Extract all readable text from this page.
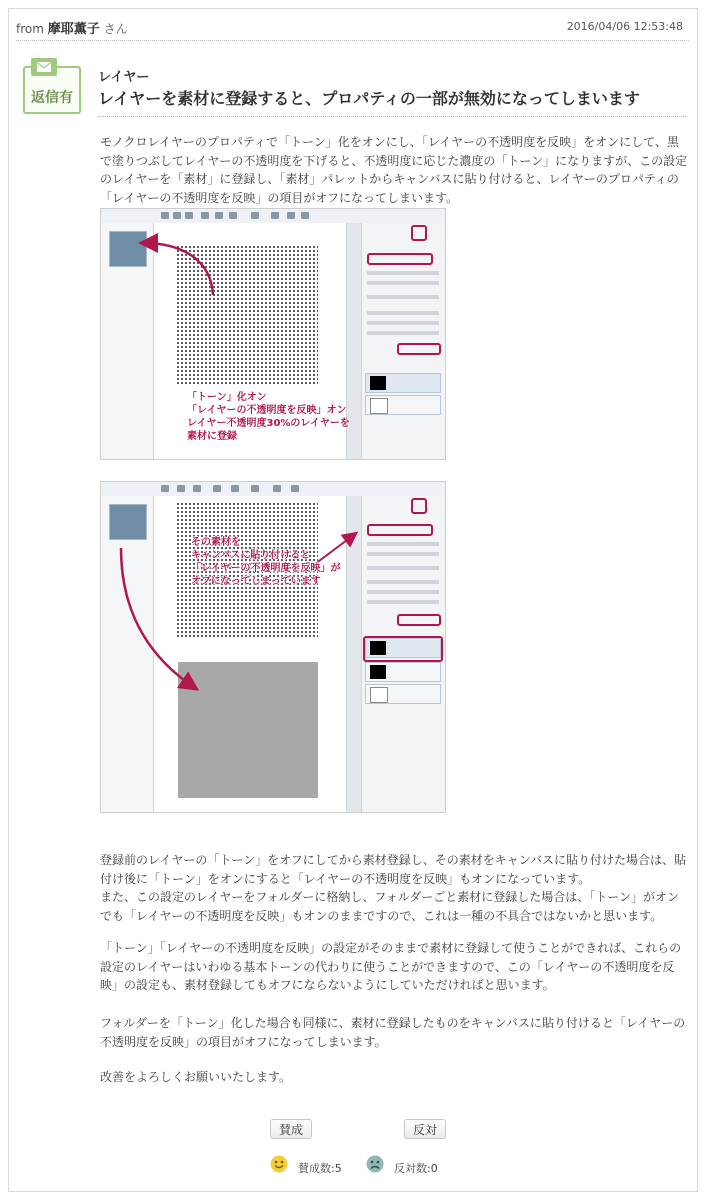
from 摩耶薫子 さん	2016/04/06 12:53:48
返信有
レイヤー
レイヤーを素材に登録すると、プロパティの一部が無効になってしまいます

モノクロレイヤーのプロパティで「トーン」化をオンにし、「レイヤーの不透明度を反映」をオンにして、黒で塗りつぶしてレイヤーの不透明度を下げると、不透明度に応じた濃度の「トーン」になりますが、この設定のレイヤーを「素材」に登録し、「素材」パレットからキャンバスに貼り付けると、レイヤーのプロパティの「レイヤーの不透明度を反映」の項目がオフになってしまいます。

「トーン」化オン
「レイヤーの不透明度を反映」オン
レイヤー不透明度30%のレイヤーを
素材に登録
その素材を
キャンバスに貼り付けると
「レイヤーの不透明度を反映」が
オフになってしまっています

登録前のレイヤーの「トーン」をオフにしてから素材登録し、その素材をキャンバスに貼り付けた場合は、貼付け後に「トーン」をオンにすると「レイヤーの不透明度を反映」もオンになっています。
また、この設定のレイヤーをフォルダーに格納し、フォルダーごと素材に登録した場合は、「トーン」がオンでも「レイヤーの不透明度を反映」もオンのままですので、これは一種の不具合ではないかと思います。

「トーン」「レイヤーの不透明度を反映」の設定がそのままで素材に登録して使うことができれば、これらの設定のレイヤーはいわゆる基本トーンの代わりに使うことができますので、この「レイヤーの不透明度を反映」の設定も、素材登録してもオフにならないようにしていただければと思います。

フォルダーを「トーン」化した場合も同様に、素材に登録したものをキャンバスに貼り付けると「レイヤーの不透明度を反映」の項目がオフになってしまいます。

改善をよろしくお願いいたします。

賛成	反対
賛成数:5	反対数:0
